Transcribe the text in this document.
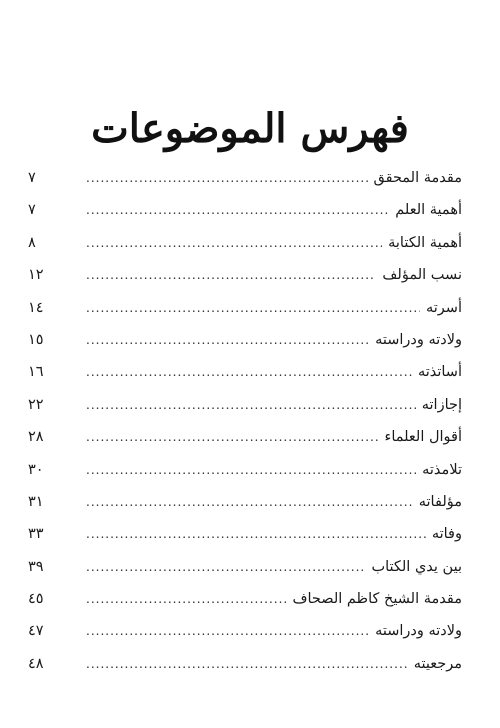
فهرس الموضوعات
مقدمة المحقق
.....
٧
أهمية العلم
.....
٧
أهمية الكتابة
.....
٨
نسب المؤلف
.....
١٢
أسرته
.....
١٤
ولادته ودراسته
.....
١٥
أساتذته
.....
١٦
إجازاته
.....
٢٢
أقوال العلماء
.....
٢٨
تلامذته
.....
٣٠
مؤلفاته
.....
٣١
وفاته
.....
٣٣
بين يدي الكتاب
.....
٣٩
مقدمة الشيخ كاظم الصحاف
.....
٤٥
ولادته ودراسته
.....
٤٧
مرجعيته
.....
٤٨
